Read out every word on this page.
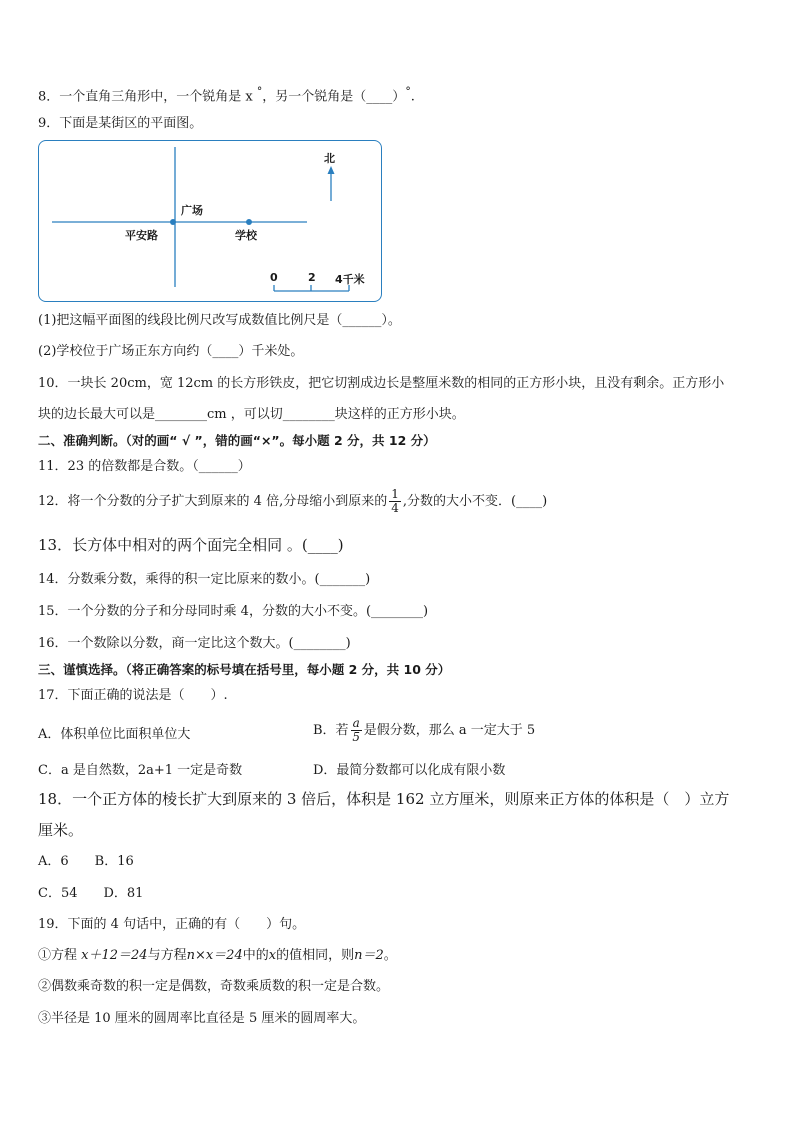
8．一个直角三角形中，一个锐角是 x °，另一个锐角是（____）°.
9．下面是某街区的平面图。
北
广场
平安路	学校
0	2 4千米
(1)把这幅平面图的线段比例尺改写成数值比例尺是（______）。
(2)学校位于广场正东方向约（____）千米处。
10．一块长 20cm，宽 12cm 的长方形铁皮，把它切割成边长是整厘米数的相同的正方形小块，且没有剩余。正方形小
块的边长最大可以是________cm ，可以切________块这样的正方形小块。
二、准确判断。（对的画“ √ ”，错的画“×”。每小题 2 分，共 12 分）
11．23 的倍数都是合数。（______）
12．将一个分数的分子扩大到原来的 4 倍,分母缩小到原来的 $\frac{1}{4}$ ,分数的大小不变．(____)
13．长方体中相对的两个面完全相同 。(____)
14．分数乘分数，乘得的积一定比原来的数小。(_______)
15．一个分数的分子和分母同时乘 4，分数的大小不变。(________)
16．一个数除以分数，商一定比这个数大。(________)
三、谨慎选择。（将正确答案的标号填在括号里，每小题 2 分，共 10 分）
17．下面正确的说法是（　　）.
A．体积单位比面积单位大	B．若 $\frac{a}{5}$ 是假分数，那么 a 一定大于 5
C．a 是自然数，2a+1 一定是奇数	D．最简分数都可以化成有限小数
18．一个正方体的棱长扩大到原来的 3 倍后，体积是 162 立方厘米，则原来正方体的体积是（　）立方
厘米。
A．6　　B．16
C．54　　D．81
19．下面的 4 句话中，正确的有（　　）句。
①方程 x＋12＝24与方程n×x＝24中的x的值相同，则n＝2。
②偶数乘奇数的积一定是偶数，奇数乘质数的积一定是合数。
③半径是 10 厘米的圆周率比直径是 5 厘米的圆周率大。
